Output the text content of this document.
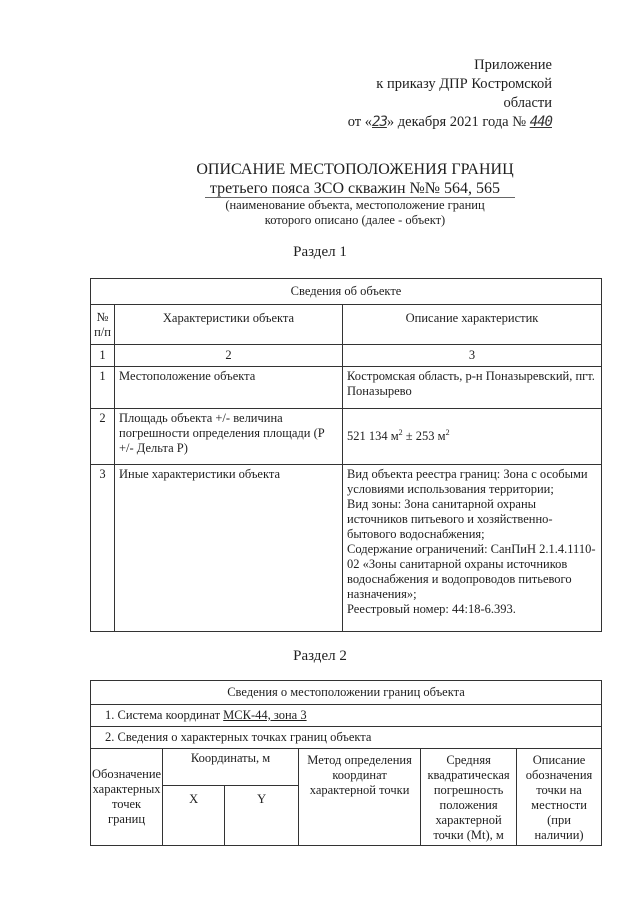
Приложение
к приказу ДПР Костромской
области
от «23» декабря 2021 года № 440
ОПИСАНИЕ МЕСТОПОЛОЖЕНИЯ ГРАНИЦ
третьего пояса ЗСО скважин №№ 564, 565
(наименование объекта, местоположение границ
которого описано (далее - объект)
Раздел 1
Сведения об объекте		
№ п/п	Характеристики объекта	Описание характеристик
1	2	3
1	Местоположение объекта	Костромская область, р-н Поназыревский, пгт. Поназырево
2	Площадь объекта +/- величина погрешности определения площади (Р +/- Дельта Р)	521 134 $м^2 \pm 253$ $м^2$
3	Иные характеристики объекта	Вид объекта реестра границ: Зона с особыми условиями использования территории;
Вид зоны: Зона санитарной охраны источников питьевого и хозяйственно-бытового водоснабжения;
Содержание ограничений: СанПиН 2.1.4.1110-02 «Зоны санитарной охраны источников водоснабжения и водопроводов питьевого назначения»;
Реестровый номер: 44:18-6.393.
Раздел 2
Сведения о местоположении границ объекта					
1. Система координат МСК-44, зона 3					
2. Сведения о характерных точках границ объекта					
Обозначение характерных точек границ	Координаты, м		Метод определения координат характерной точки	Средняя квадратическая погрешность положения характерной точки (Mt), м	Описание обозначения точки на местности (при наличии)
	X	Y			
